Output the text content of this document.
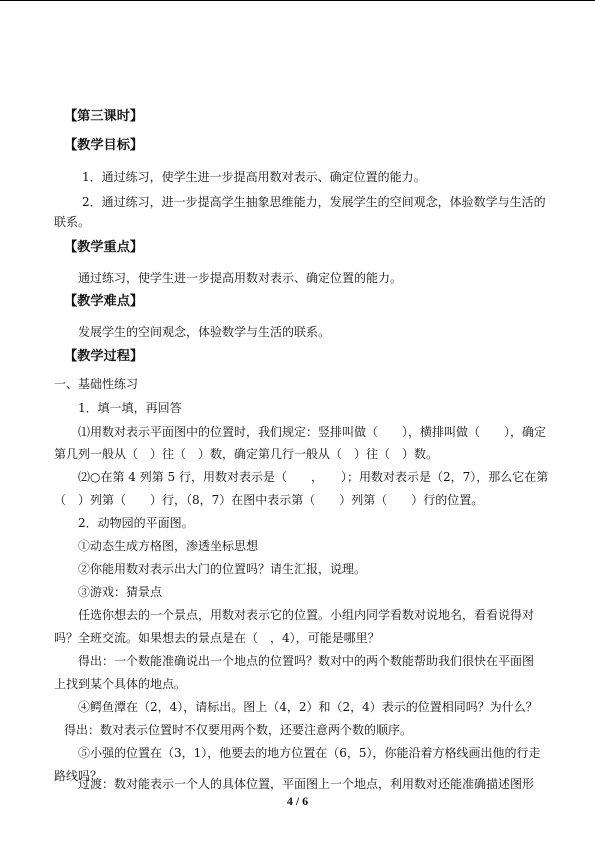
【第三课时】
【教学目标】
1．通过练习，使学生进一步提高用数对表示、确定位置的能力。
2．通过练习，进一步提高学生抽象思维能力，发展学生的空间观念，体验数学与生活的
联系。
【教学重点】
通过练习，使学生进一步提高用数对表示、确定位置的能力。
【教学难点】
发展学生的空间观念，体验数学与生活的联系。
【教学过程】
一、基础性练习
1．填一填，再回答
⑴用数对表示平面图中的位置时，我们规定：竖排叫做（　　），横排叫做（　　），确定
第几列一般从（　）往（　）数，确定第几行一般从（　）往（　）数。
⑵○在第 4 列第 5 行，用数对表示是（　　，　　）；用数对表示是（2，7），那么它在第
（　）列第（　　）行，（8，7）在图中表示第（　　）列第（　　）行的位置。
2．动物园的平面图。
①动态生成方格图，渗透坐标思想
②你能用数对表示出大门的位置吗？请生汇报，说理。
③游戏：猜景点
任选你想去的一个景点，用数对表示它的位置。小组内同学看数对说地名，看看说得对
吗？全班交流。如果想去的景点是在（　，4），可能是哪里？
得出：一个数能准确说出一个地点的位置吗？数对中的两个数能帮助我们很快在平面图
上找到某个具体的地点。
④鳄鱼潭在（2，4），请标出。图上（4，2）和（2，4）表示的位置相同吗？为什么？
得出：数对表示位置时不仅要用两个数，还要注意两个数的顺序。
⑤小强的位置在（3，1），他要去的地方位置在（6，5），你能沿着方格线画出他的行走
路线吗？
过渡：数对能表示一个人的具体位置，平面图上一个地点，利用数对还能准确描述图形
4 / 6
